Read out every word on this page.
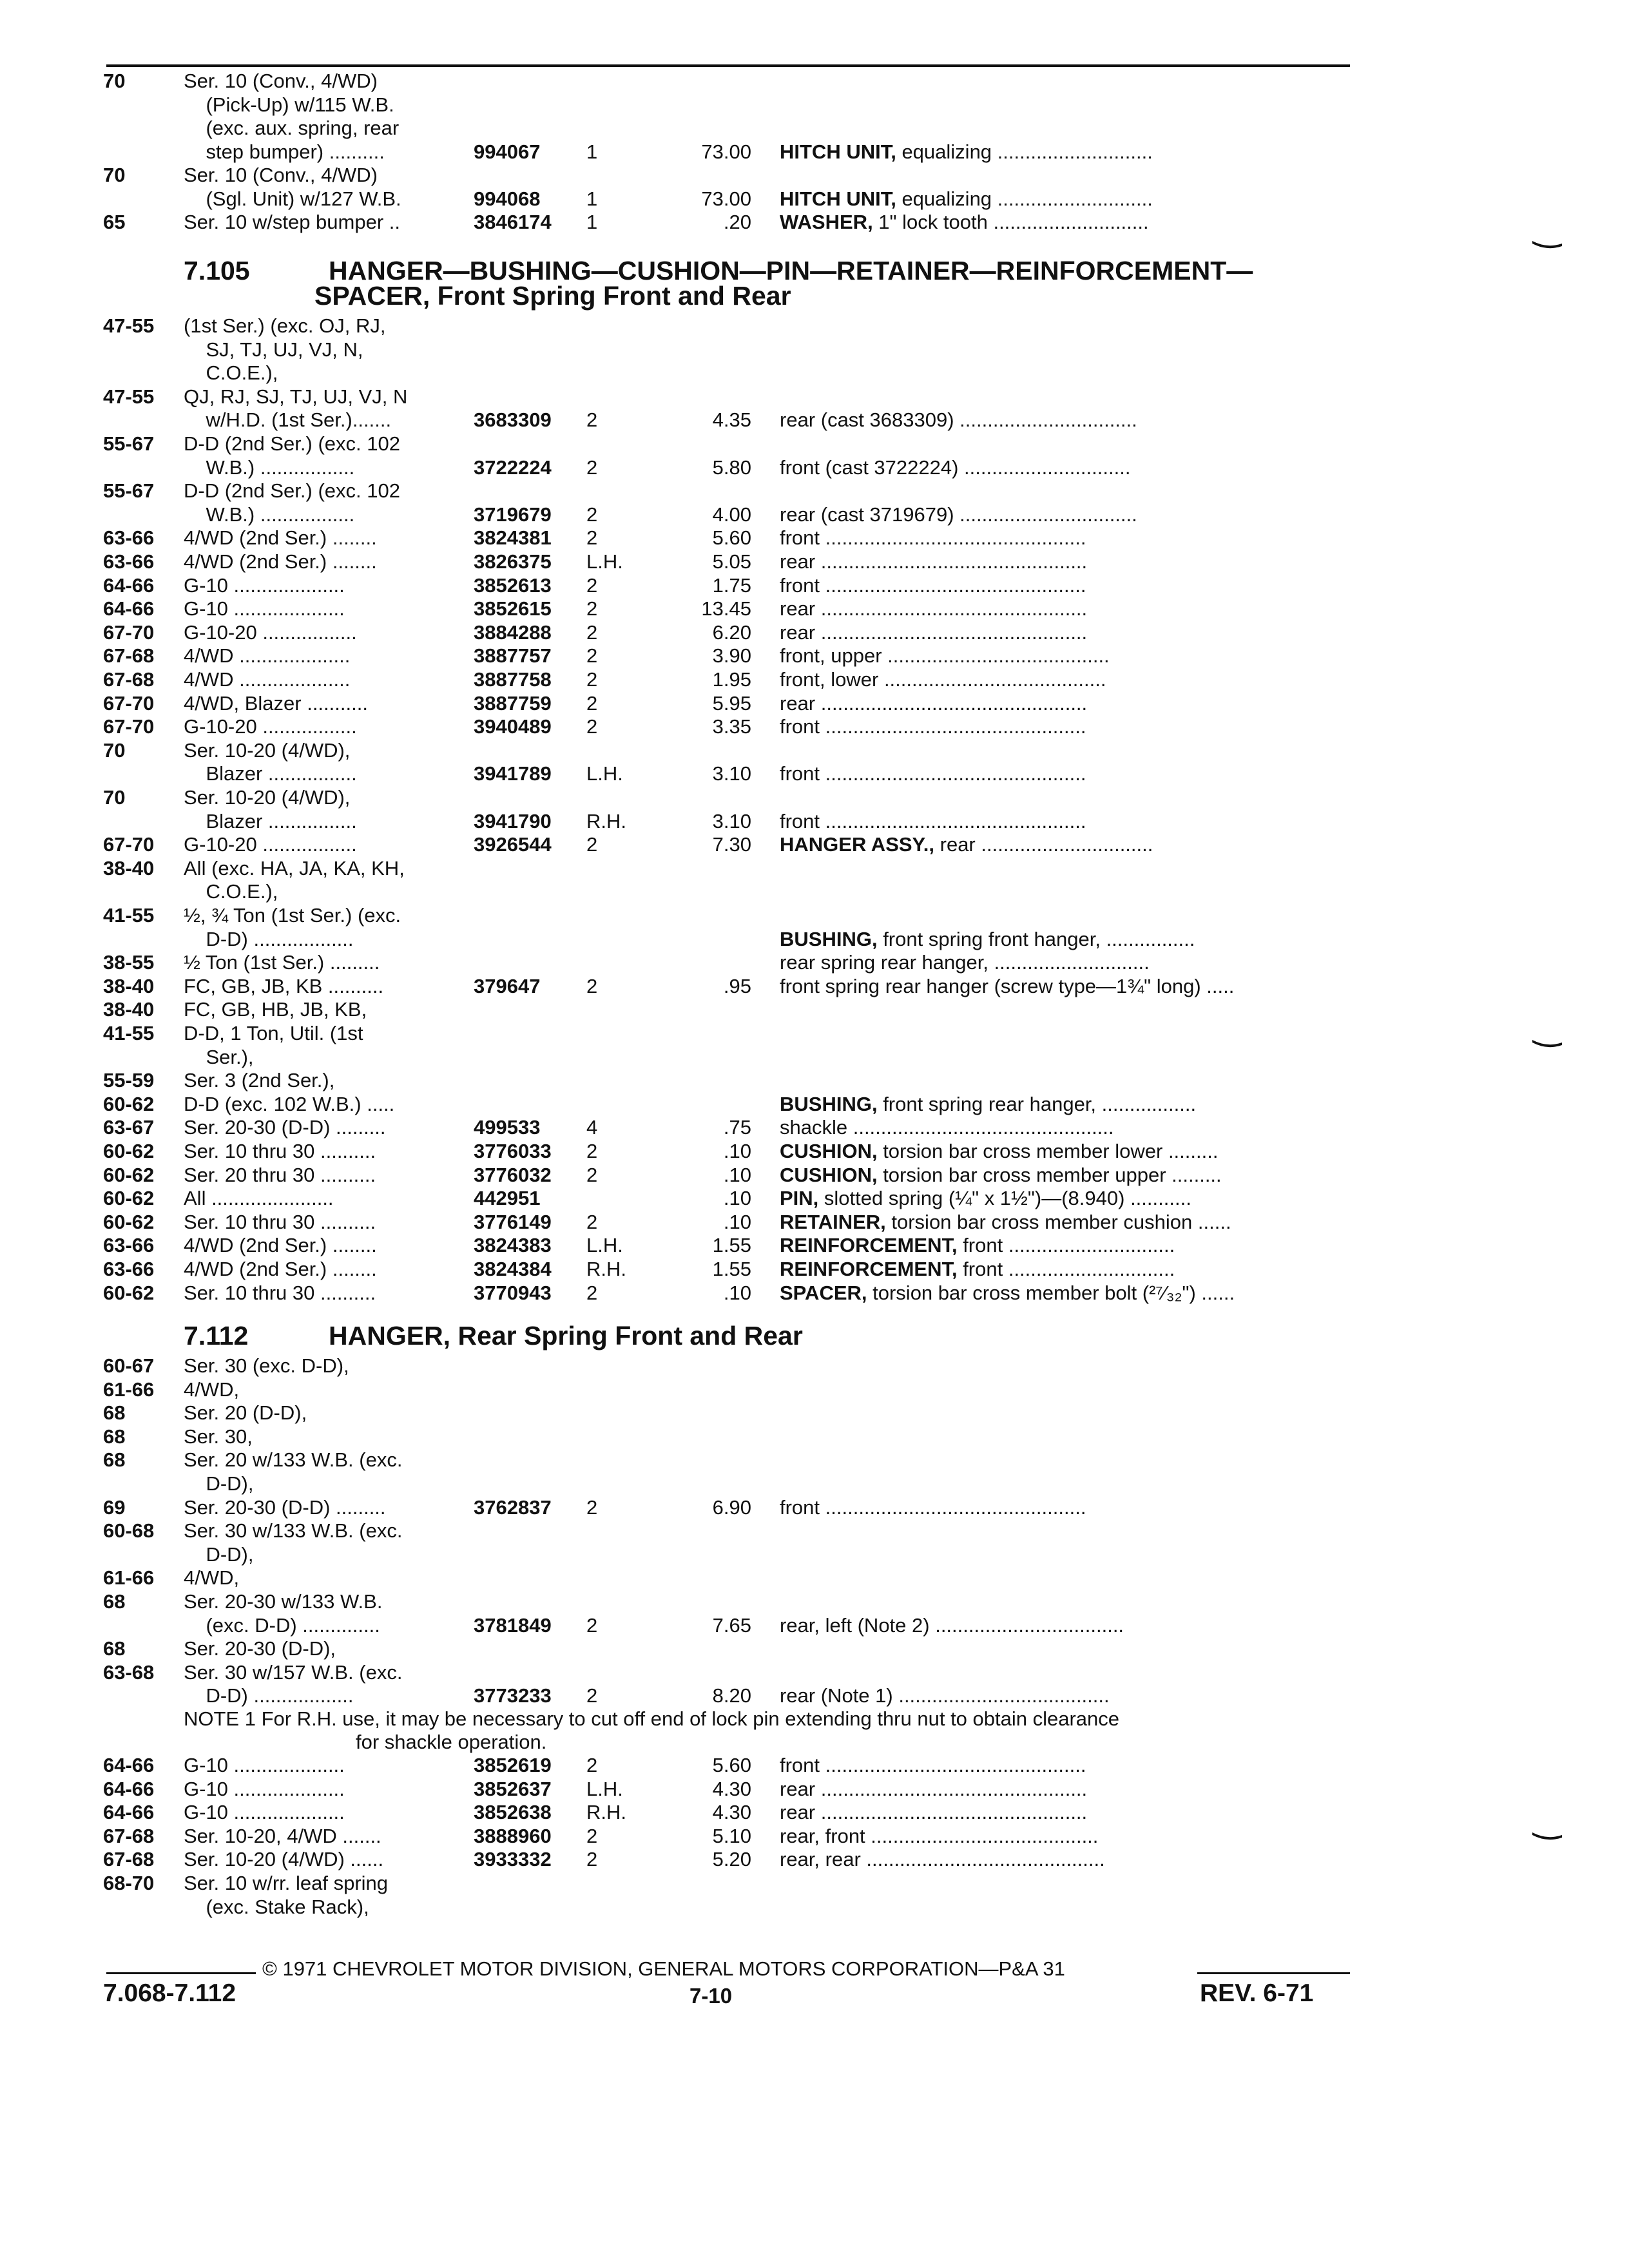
70	Ser. 10 (Conv., 4/WD)
(Pick-Up) w/115 W.B.
(exc. aux. spring, rear
step bumper) ..........	994067 1	73.00 HITCH UNIT, equalizing ............................
70	Ser. 10 (Conv., 4/WD)
(Sgl. Unit) w/127 W.B.	994068 1	73.00 HITCH UNIT, equalizing ............................
65	Ser. 10 w/step bumper ..	3846174 1	.20 WASHER, 1" lock tooth ............................
7.105	HANGER—BUSHING—CUSHION—PIN—RETAINER—REINFORCEMENT—
SPACER, Front Spring Front and Rear
47-55 (1st Ser.) (exc. OJ, RJ,
SJ, TJ, UJ, VJ, N,
C.O.E.),
47-55 QJ, RJ, SJ, TJ, UJ, VJ, N
w/H.D. (1st Ser.).......	3683309 2	4.35 rear (cast 3683309) ................................
55-67 D-D (2nd Ser.) (exc. 102
W.B.) .................	3722224 2	5.80 front (cast 3722224) ..............................
55-67 D-D (2nd Ser.) (exc. 102
W.B.) .................	3719679 2	4.00 rear (cast 3719679) ................................
63-66 4/WD (2nd Ser.) ........	3824381 2	5.60 front ...............................................
63-66 4/WD (2nd Ser.) ........	3826375 L.H.	5.05 rear ................................................
64-66 G-10 ....................	3852613 2	1.75 front ...............................................
64-66 G-10 ....................	3852615 2	13.45 rear ................................................
67-70 G-10-20 .................	3884288 2	6.20 rear ................................................
67-68 4/WD ....................	3887757 2	3.90 front, upper ........................................
67-68 4/WD ....................	3887758 2	1.95 front, lower ........................................
67-70 4/WD, Blazer ...........	3887759 2	5.95 rear ................................................
67-70 G-10-20 .................	3940489 2	3.35 front ...............................................
70	Ser. 10-20 (4/WD),
Blazer ................	3941789 L.H.	3.10 front ...............................................
70	Ser. 10-20 (4/WD),
Blazer ................	3941790 R.H.	3.10 front ...............................................
67-70 G-10-20 .................	3926544 2	7.30 HANGER ASSY., rear ...............................
38-40 All (exc. HA, JA, KA, KH,
C.O.E.),
41-55 ½, ¾ Ton (1st Ser.) (exc.
D-D) ..................	BUSHING, front spring front hanger, ................
38-55 ½ Ton (1st Ser.) .........	rear spring rear hanger, ............................
38-40 FC, GB, JB, KB ..........	379647 2	.95 front spring rear hanger (screw type—1¾" long) .....
38-40 FC, GB, HB, JB, KB,
41-55 D-D, 1 Ton, Util. (1st
Ser.),
55-59 Ser. 3 (2nd Ser.),
60-62 D-D (exc. 102 W.B.) .....	BUSHING, front spring rear hanger, .................
63-67 Ser. 20-30 (D-D) .........	499533 4	.75 shackle ...............................................
60-62 Ser. 10 thru 30 ..........	3776033 2	.10 CUSHION, torsion bar cross member lower .........
60-62 Ser. 20 thru 30 ..........	3776032 2	.10 CUSHION, torsion bar cross member upper .........
60-62 All ......................	442951	.10 PIN, slotted spring (¼" x 1½")—(8.940) ...........
60-62 Ser. 10 thru 30 ..........	3776149 2	.10 RETAINER, torsion bar cross member cushion ......
63-66 4/WD (2nd Ser.) ........	3824383 L.H.	1.55 REINFORCEMENT, front ..............................
63-66 4/WD (2nd Ser.) ........	3824384 R.H.	1.55 REINFORCEMENT, front ..............................
60-62 Ser. 10 thru 30 ..........	3770943 2	.10 SPACER, torsion bar cross member bolt (²⁷⁄₃₂") ......
7.112	HANGER, Rear Spring Front and Rear
60-67 Ser. 30 (exc. D-D),
61-66 4/WD,
68	Ser. 20 (D-D),
68	Ser. 30,
68	Ser. 20 w/133 W.B. (exc.
D-D),
69	Ser. 20-30 (D-D) .........	3762837 2	6.90 front ...............................................
60-68 Ser. 30 w/133 W.B. (exc.
D-D),
61-66 4/WD,
68	Ser. 20-30 w/133 W.B.
(exc. D-D) ..............	3781849 2	7.65 rear, left (Note 2) ..................................
68	Ser. 20-30 (D-D),
63-68 Ser. 30 w/157 W.B. (exc.
D-D) ..................	3773233 2	8.20 rear (Note 1) ......................................
NOTE 1 For R.H. use, it may be necessary to cut off end of lock pin extending thru nut to obtain clearance
for shackle operation.
64-66 G-10 ....................	3852619 2	5.60 front ...............................................
64-66 G-10 ....................	3852637 L.H.	4.30 rear ................................................
64-66 G-10 ....................	3852638 R.H.	4.30 rear ................................................
67-68 Ser. 10-20, 4/WD .......	3888960 2	5.10 rear, front .........................................
67-68 Ser. 10-20 (4/WD) ......	3933332 2	5.20 rear, rear ...........................................
68-70 Ser. 10 w/rr. leaf spring
(exc. Stake Rack),
© 1971 CHEVROLET MOTOR DIVISION, GENERAL MOTORS CORPORATION—P&A 31
7.068-7.112	7-10	REV. 6-71
